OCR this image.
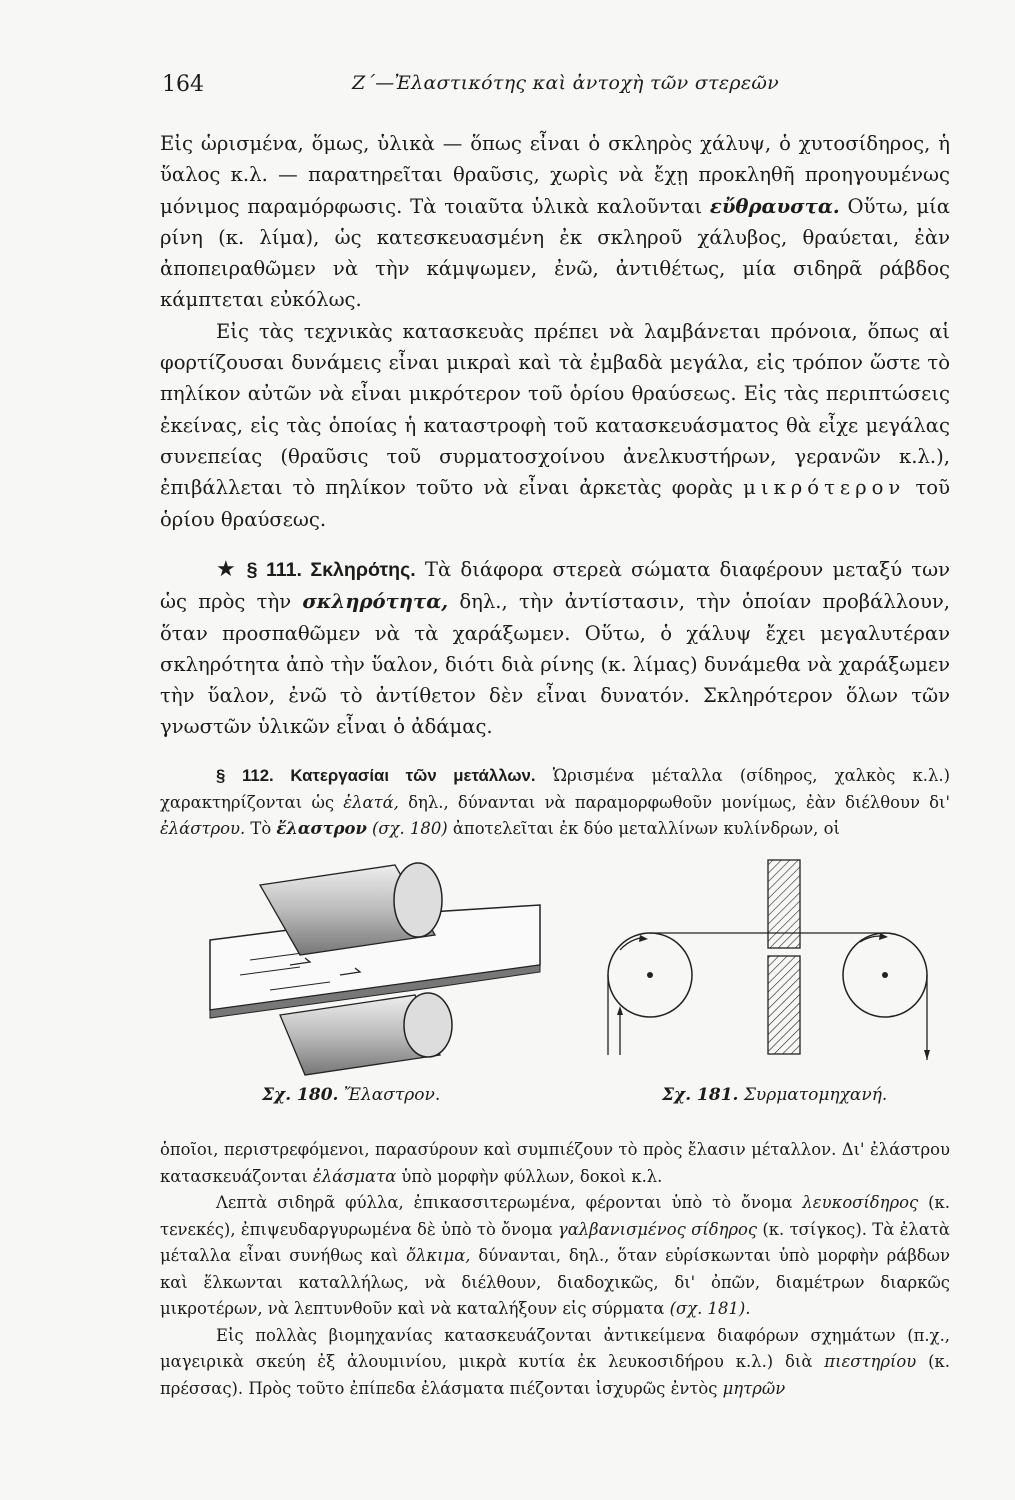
164	Ζ΄—Ἐλαστικότης καὶ ἀντοχὴ τῶν στερεῶν

Εἰς ὡρισμένα, ὅμως, ὑλικὰ — ὅπως εἶναι ὁ σκληρὸς χάλυψ, ὁ χυτοσίδηρος, ἡ ὕαλος κ.λ. — παρατηρεῖται θραῦσις, χωρὶς νὰ ἔχῃ προκληθῆ προηγουμένως μόνιμος παραμόρφωσις. Τὰ τοιαῦτα ὑλικὰ καλοῦνται εὔθραυστα. Οὕτω, μία ρίνη (κ. λίμα), ὡς κατεσκευασμένη ἐκ σκληροῦ χάλυβος, θραύεται, ἐὰν ἀποπειραθῶμεν νὰ τὴν κάμψωμεν, ἐνῶ, ἀντιθέτως, μία σιδηρᾶ ράβδος κάμπτεται εὐκόλως.

Εἰς τὰς τεχνικὰς κατασκευὰς πρέπει νὰ λαμβάνεται πρόνοια, ὅπως αἱ φορτίζουσαι δυνάμεις εἶναι μικραὶ καὶ τὰ ἐμβαδὰ μεγάλα, εἰς τρόπον ὥστε τὸ πηλίκον αὐτῶν νὰ εἶναι μικρότερον τοῦ ὁρίου θραύσεως. Εἰς τὰς περιπτώσεις ἐκείνας, εἰς τὰς ὁποίας ἡ καταστροφὴ τοῦ κατασκευάσματος θὰ εἶχε μεγάλας συνεπείας (θραῦσις τοῦ συρματοσχοίνου ἀνελκυστήρων, γερανῶν κ.λ.), ἐπιβάλλεται τὸ πηλίκον τοῦτο νὰ εἶναι ἀρκετὰς φορὰς μικρότερον τοῦ ὁρίου θραύσεως.

★ § 111. Σκληρότης. Τὰ διάφορα στερεὰ σώματα διαφέρουν μεταξύ των ὡς πρὸς τὴν σκληρότητα, δηλ., τὴν ἀντίστασιν, τὴν ὁποίαν προβάλλουν, ὅταν προσπαθῶμεν νὰ τὰ χαράξωμεν. Οὕτω, ὁ χάλυψ ἔχει μεγαλυτέραν σκληρότητα ἀπὸ τὴν ὕαλον, διότι διὰ ρίνης (κ. λίμας) δυνάμεθα νὰ χαράξωμεν τὴν ὕαλον, ἐνῶ τὸ ἀντίθετον δὲν εἶναι δυνατόν. Σκληρότερον ὅλων τῶν γνωστῶν ὑλικῶν εἶναι ὁ ἀδάμας.

§ 112. Κατεργασίαι τῶν μετάλλων. Ὡρισμένα μέταλλα (σίδηρος, χαλκὸς κ.λ.) χαρακτηρίζονται ὡς ἐλατά, δηλ., δύνανται νὰ παραμορφωθοῦν μονίμως, ἐὰν διέλθουν δι' ἐλάστρου. Τὸ ἔλαστρον (σχ. 180) ἀποτελεῖται ἐκ δύο μεταλλίνων κυλίνδρων, οἱ

Σχ. 180. Ἔλαστρον.	Σχ. 181. Συρματομηχανή.

ὁποῖοι, περιστρεφόμενοι, παρασύρουν καὶ συμπιέζουν τὸ πρὸς ἔλασιν μέταλλον. Δι' ἐλάστρου κατασκευάζονται ἐλάσματα ὑπὸ μορφὴν φύλλων, δοκοὶ κ.λ.

Λεπτὰ σιδηρᾶ φύλλα, ἐπικασσιτερωμένα, φέρονται ὑπὸ τὸ ὄνομα λευκοσίδηρος (κ. τενεκές), ἐπιψευδαργυρωμένα δὲ ὑπὸ τὸ ὄνομα γαλβανισμένος σίδηρος (κ. τσίγκος). Τὰ ἐλατὰ μέταλλα εἶναι συνήθως καὶ ὄλκιμα, δύνανται, δηλ., ὅταν εὑρίσκωνται ὑπὸ μορφὴν ράβδων καὶ ἕλκωνται καταλλήλως, νὰ διέλθουν, διαδοχικῶς, δι' ὀπῶν, διαμέτρων διαρκῶς μικροτέρων, νὰ λεπτυνθοῦν καὶ νὰ καταλήξουν εἰς σύρματα (σχ. 181).

Εἰς πολλὰς βιομηχανίας κατασκευάζονται ἀντικείμενα διαφόρων σχημάτων (π.χ., μαγειρικὰ σκεύη ἐξ ἀλουμινίου, μικρὰ κυτία ἐκ λευκοσιδήρου κ.λ.) διὰ πιεστηρίου (κ. πρέσσας). Πρὸς τοῦτο ἐπίπεδα ἐλάσματα πιέζονται ἰσχυρῶς ἐντὸς μητρῶν
